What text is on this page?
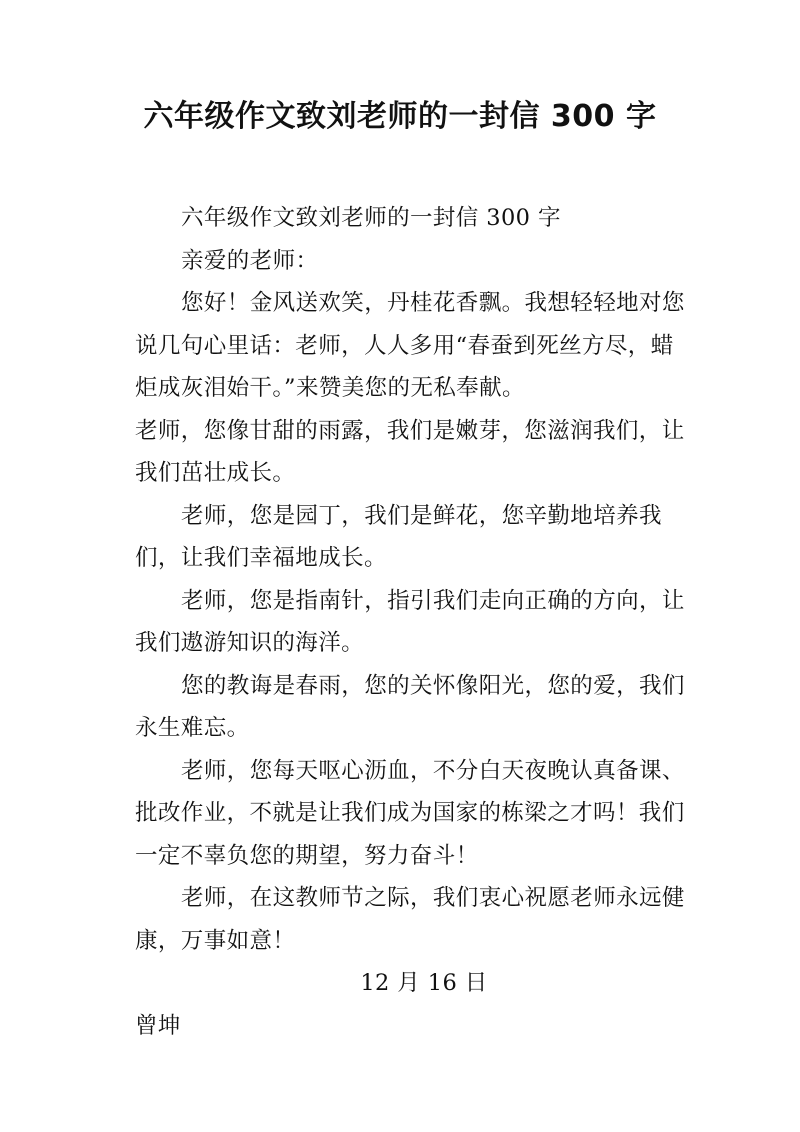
六年级作文致刘老师的一封信 300 字

六年级作文致刘老师的一封信 300 字

亲爱的老师：

您好！金风送欢笑，丹桂花香飘。我想轻轻地对您说几句心里话：老师，人人多用“春蚕到死丝方尽，蜡炬成灰泪始干。”来赞美您的无私奉献。

老师，您像甘甜的雨露，我们是嫩芽，您滋润我们，让我们茁壮成长。

老师，您是园丁，我们是鲜花，您辛勤地培养我们，让我们幸福地成长。

老师，您是指南针，指引我们走向正确的方向，让我们遨游知识的海洋。

您的教诲是春雨，您的关怀像阳光，您的爱，我们永生难忘。

老师，您每天呕心沥血，不分白天夜晚认真备课、批改作业，不就是让我们成为国家的栋梁之才吗！我们一定不辜负您的期望，努力奋斗！

老师，在这教师节之际，我们衷心祝愿老师永远健康，万事如意！

12 月 16 日

曾坤
